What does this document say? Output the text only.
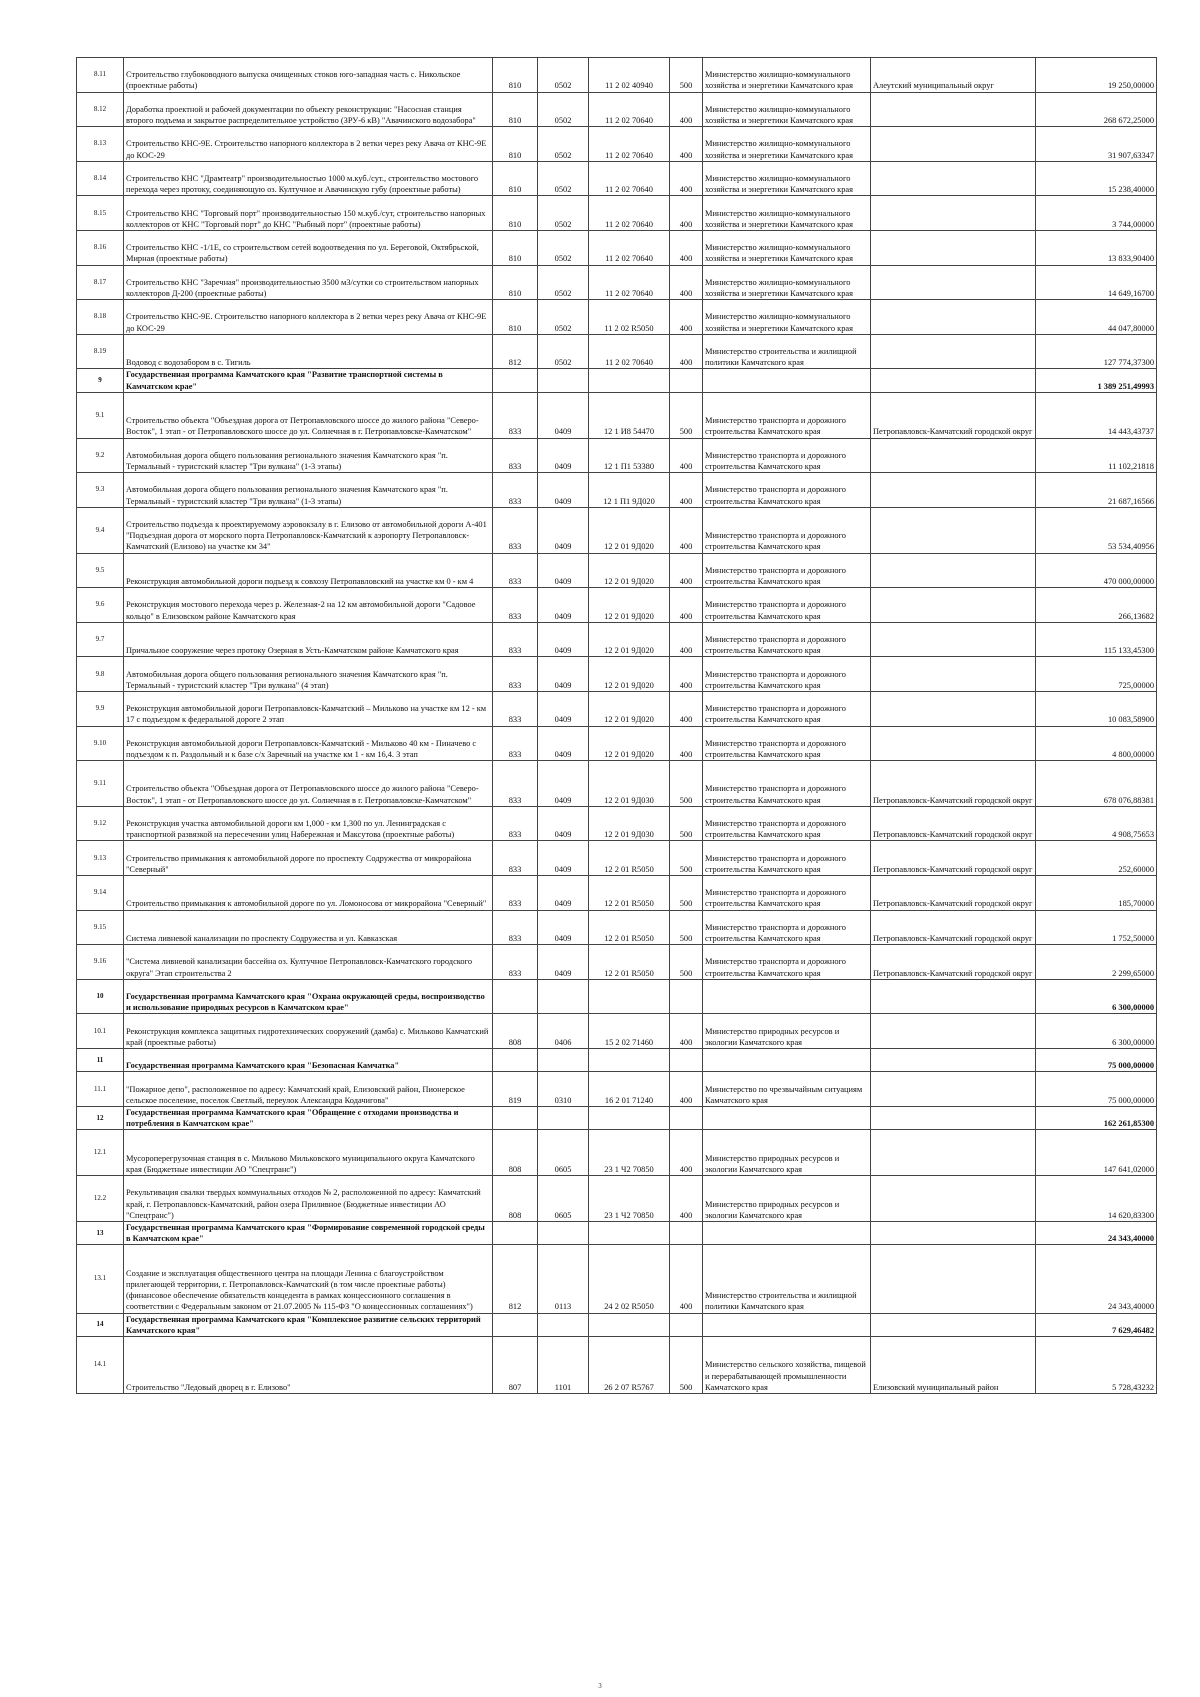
8.11	Строительство глубоководного выпуска очищенных стоков юго-западная часть с. Никольское (проектные работы)	810	0502	11 2 02 40940	500	Министерство жилищно-коммунального хозяйства и энергетики Камчатского края	Алеутский муниципальный округ	19 250,00000

8.12	Доработка проектной и рабочей документации по объекту реконструкции: "Насосная станция второго подъема и закрытое распределительное устройство (ЗРУ-6 кВ) "Авачинского водозабора"	810	0502	11 2 02 70640	400	Министерство жилищно-коммунального хозяйства и энергетики Камчатского края		268 672,25000

8.13	Строительство КНС-9Е. Строительство напорного коллектора в 2 ветки через реку Авача от КНС-9Е до КОС-29	810	0502	11 2 02 70640	400	Министерство жилищно-коммунального хозяйства и энергетики Камчатского края		31 907,63347

8.14	Строительство КНС "Драмтеатр" производительностью 1000 м.куб./сут., строительство мостового перехода через протоку, соединяющую оз. Култучное и Авачинскую губу (проектные работы)	810	0502	11 2 02 70640	400	Министерство жилищно-коммунального хозяйства и энергетики Камчатского края		15 238,40000

8.15	Строительство КНС "Торговый порт" производительностью 150 м.куб./сут, строительство напорных коллекторов от КНС "Торговый порт" до КНС "Рыбный порт" (проектные работы)	810	0502	11 2 02 70640	400	Министерство жилищно-коммунального хозяйства и энергетики Камчатского края		3 744,00000

8.16	Строительство КНС -1/1Е, со строительством сетей водоотведения по ул. Береговой, Октябрьской, Мирная (проектные работы)	810	0502	11 2 02 70640	400	Министерство жилищно-коммунального хозяйства и энергетики Камчатского края		13 833,90400

8.17	Строительство КНС "Заречная" производительностью 3500 м3/сутки со строительством напорных коллекторов Д-200 (проектные работы)	810	0502	11 2 02 70640	400	Министерство жилищно-коммунального хозяйства и энергетики Камчатского края		14 649,16700

8.18	Строительство КНС-9Е. Строительство напорного коллектора в 2 ветки через реку Авача от КНС-9Е до КОС-29	810	0502	11 2 02 R5050	400	Министерство жилищно-коммунального хозяйства и энергетики Камчатского края		44 047,80000

8.19	Водовод с водозабором в с. Тигиль	812	0502	11 2 02 70640	400	Министерство строительства и жилищной политики Камчатского края		127 774,37300

9	Государственная программа Камчатского края "Развитие транспортной системы в Камчатском крае"							1 389 251,49993

9.1	Строительство объекта "Объездная дорога от Петропавловского шоссе до жилого района "Северо-Восток", 1 этап - от Петропавловского шоссе до ул. Солнечная в г. Петропавловске-Камчатском"	833	0409	12 1 И8 54470	500	Министерство транспорта и дорожного строительства Камчатского края	Петропавловск-Камчатский городской округ	14 443,43737

9.2	Автомобильная дорога общего пользования регионального значения Камчатского края "п. Термальный - туристский кластер "Три вулкана" (1-3 этапы)	833	0409	12 1 П1 53380	400	Министерство транспорта и дорожного строительства Камчатского края		11 102,21818

9.3	Автомобильная дорога общего пользования регионального значения Камчатского края "п. Термальный - туристский кластер "Три вулкана" (1-3 этапы)	833	0409	12 1 П1 9Д020	400	Министерство транспорта и дорожного строительства Камчатского края		21 687,16566

9.4	Строительство подъезда к проектируемому аэровокзалу в г. Елизово от автомобильной дороги А-401 "Подъездная дорога от морского порта Петропавловск-Камчатский к аэропорту Петропавловск-Камчатский (Елизово) на участке км 34"	833	0409	12 2 01 9Д020	400	Министерство транспорта и дорожного строительства Камчатского края		53 534,40956

9.5	Реконструкция автомобильной дороги подъезд к совхозу Петропавловский на участке км 0 - км 4	833	0409	12 2 01 9Д020	400	Министерство транспорта и дорожного строительства Камчатского края		470 000,00000

9.6	Реконструкция мостового перехода через р. Железная-2 на 12 км автомобильной дороги "Садовое кольцо" в Елизовском районе Камчатского края	833	0409	12 2 01 9Д020	400	Министерство транспорта и дорожного строительства Камчатского края		266,13682

9.7	Причальное сооружение через протоку Озерная в Усть-Камчатском районе Камчатского края	833	0409	12 2 01 9Д020	400	Министерство транспорта и дорожного строительства Камчатского края		115 133,45300

9.8	Автомобильная дорога общего пользования регионального значения Камчатского края "п. Термальный - туристский кластер "Три вулкана" (4 этап)	833	0409	12 2 01 9Д020	400	Министерство транспорта и дорожного строительства Камчатского края		725,00000

9.9	Реконструкция автомобильной дороги Петропавловск-Камчатский – Мильково на участке км 12 - км 17 с подъездом к федеральной дороге 2 этап	833	0409	12 2 01 9Д020	400	Министерство транспорта и дорожного строительства Камчатского края		10 083,58900

9.10	Реконструкция автомобильной дороги Петропавловск-Камчатский - Мильково 40 км - Пиначево с подъездом к п. Раздольный и к базе с/х Заречный на участке км 1 - км 16,4. 3 этап	833	0409	12 2 01 9Д020	400	Министерство транспорта и дорожного строительства Камчатского края		4 800,00000

9.11	Строительство объекта "Объездная дорога от Петропавловского шоссе до жилого района "Северо-Восток", 1 этап - от Петропавловского шоссе до ул. Солнечная в г. Петропавловске-Камчатском"	833	0409	12 2 01 9Д030	500	Министерство транспорта и дорожного строительства Камчатского края	Петропавловск-Камчатский городской округ	678 076,88381

9.12	Реконструкция участка автомобильной дороги км 1,000 - км 1,300 по ул. Ленинградская с транспортной развязкой на пересечении улиц Набережная и Максутова (проектные работы)	833	0409	12 2 01 9Д030	500	Министерство транспорта и дорожного строительства Камчатского края	Петропавловск-Камчатский городской округ	4 908,75653

9.13	Строительство примыкания к автомобильной дороге по проспекту Содружества от микрорайона "Северный"	833	0409	12 2 01 R5050	500	Министерство транспорта и дорожного строительства Камчатского края	Петропавловск-Камчатский городской округ	252,60000

9.14	Строительство примыкания к автомобильной дороге по ул. Ломоносова от микрорайона "Северный"	833	0409	12 2 01 R5050	500	Министерство транспорта и дорожного строительства Камчатского края	Петропавловск-Камчатский городской округ	185,70000

9.15	Система ливневой канализации по проспекту Содружества и ул. Кавказская	833	0409	12 2 01 R5050	500	Министерство транспорта и дорожного строительства Камчатского края	Петропавловск-Камчатский городской округ	1 752,50000

9.16	"Система ливневой канализации бассейна оз. Култучное Петропавловск-Камчатского городского округа" Этап строительства 2	833	0409	12 2 01 R5050	500	Министерство транспорта и дорожного строительства Камчатского края	Петропавловск-Камчатский городской округ	2 299,65000

10	Государственная программа Камчатского края "Охрана окружающей среды, воспроизводство и использование природных ресурсов в Камчатском крае"							6 300,00000

10.1	Реконструкция комплекса защитных гидротехнических сооружений (дамба) с. Мильково Камчатский край (проектные работы)	808	0406	15 2 02 71460	400	Министерство природных ресурсов и экологии Камчатского края		6 300,00000

11	Государственная программа Камчатского края "Безопасная Камчатка"							75 000,00000

11.1	"Пожарное депо", расположенное по адресу: Камчатский край, Елизовский район, Пионерское сельское поселение, поселок Светлый, переулок Александра Кодачигова"	819	0310	16 2 01 71240	400	Министерство по чрезвычайным ситуациям Камчатского края		75 000,00000

12	Государственная программа Камчатского края "Обращение с отходами производства и потребления в Камчатском крае"							162 261,85300

12.1	Мусороперегрузочная станция в с. Мильково Мильковского муниципального округа Камчатского края (Бюджетные инвестиции АО "Спецтранс")	808	0605	23 1 Ч2 70850	400	Министерство природных ресурсов и экологии Камчатского края		147 641,02000

12.2	Рекультивация свалки твердых коммунальных отходов № 2, расположенной по адресу: Камчатский край, г. Петропавловск-Камчатский, район озера Приливное (Бюджетные инвестиции АО "Спецтранс")	808	0605	23 1 Ч2 70850	400	Министерство природных ресурсов и экологии Камчатского края		14 620,83300

13	Государственная программа Камчатского края "Формирование современной городской среды в Камчатском крае"							24 343,40000

13.1	Создание и эксплуатация общественного центра на площади Ленина с благоустройством прилегающей территории, г. Петропавловск-Камчатский (в том числе проектные работы) (финансовое обеспечение обязательств концедента в рамках концессионного соглашения в соответствии с Федеральным законом от 21.07.2005 № 115-ФЗ "О концессионных соглашениях")	812	0113	24 2 02 R5050	400	Министерство строительства и жилищной политики Камчатского края		24 343,40000

14	Государственная программа Камчатского края "Комплексное развитие сельских территорий Камчатского края"							7 629,46482

14.1	Строительство "Ледовый дворец в г. Елизово"	807	1101	26 2 07 R5767	500	Министерство сельского хозяйства, пищевой и перерабатывающей промышленности Камчатского края	Елизовский муниципальный район	5 728,43232
3
